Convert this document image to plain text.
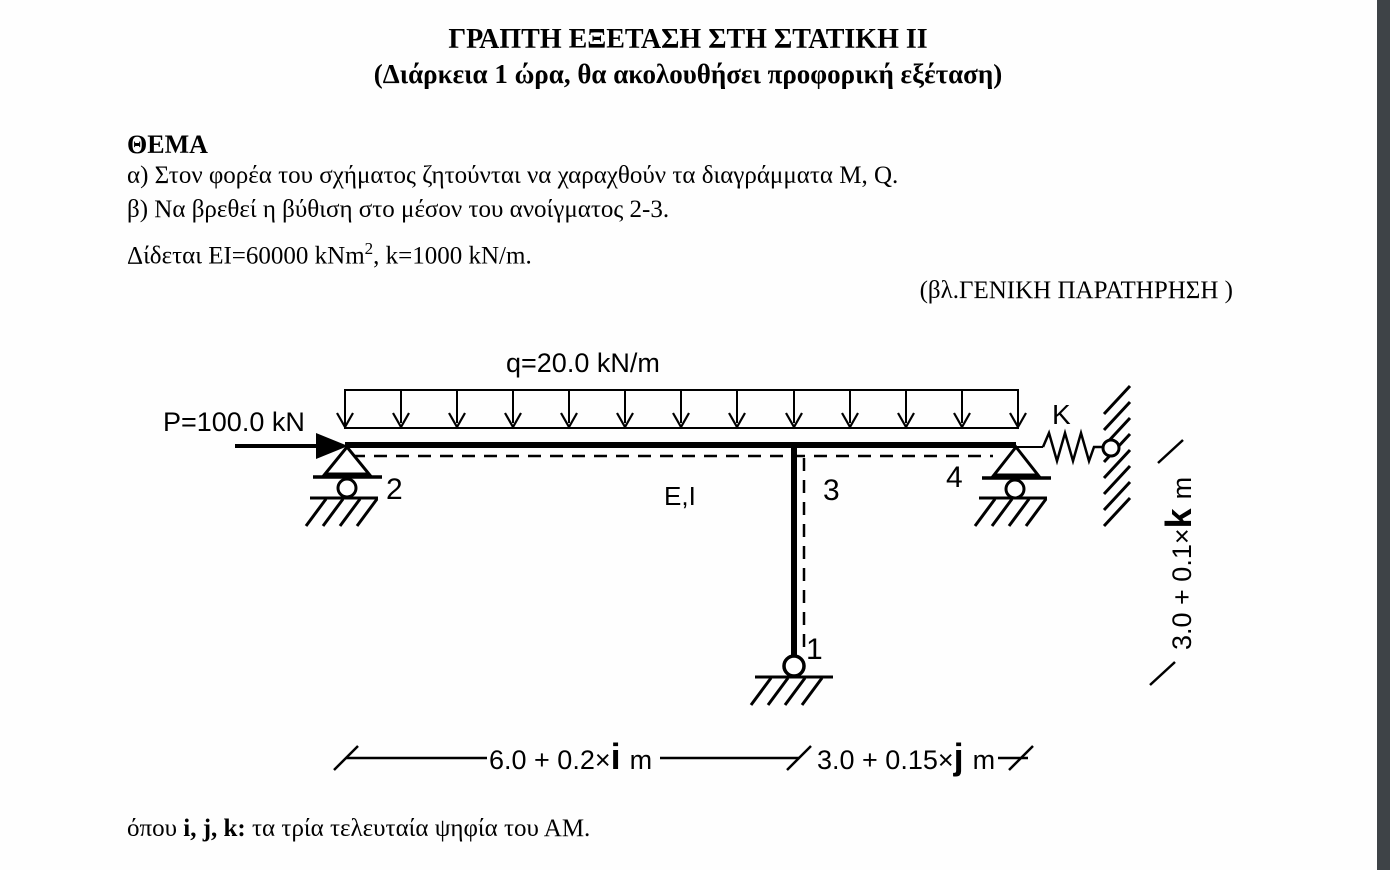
ΓΡΑΠΤΗ ΕΞΕΤΑΣΗ ΣΤΗ ΣΤΑΤΙΚΗ ΙΙ
(Διάρκεια 1 ώρα, θα ακολουθήσει προφορική εξέταση)
ΘΕΜΑ
α) Στον φορέα του σχήματος ζητούνται να χαραχθούν τα διαγράμματα M, Q.
β) Να βρεθεί η βύθιση στο μέσον του ανοίγματος 2-3.
Δίδεται EI=60000 kNm$^2$, k=1000 kN/m.
(βλ.ΓΕΝΙΚΗ ΠΑΡΑΤΗΡΗΣΗ )
q=20.0 kN/m
P=100.0 kN
E,I
2	3	4
1
K
3.0 + 0.1×km
6.0 + 0.2×i m	3.0 + 0.15×j m
όπου i, j, k: τα τρία τελευταία ψηφία του ΑΜ.
